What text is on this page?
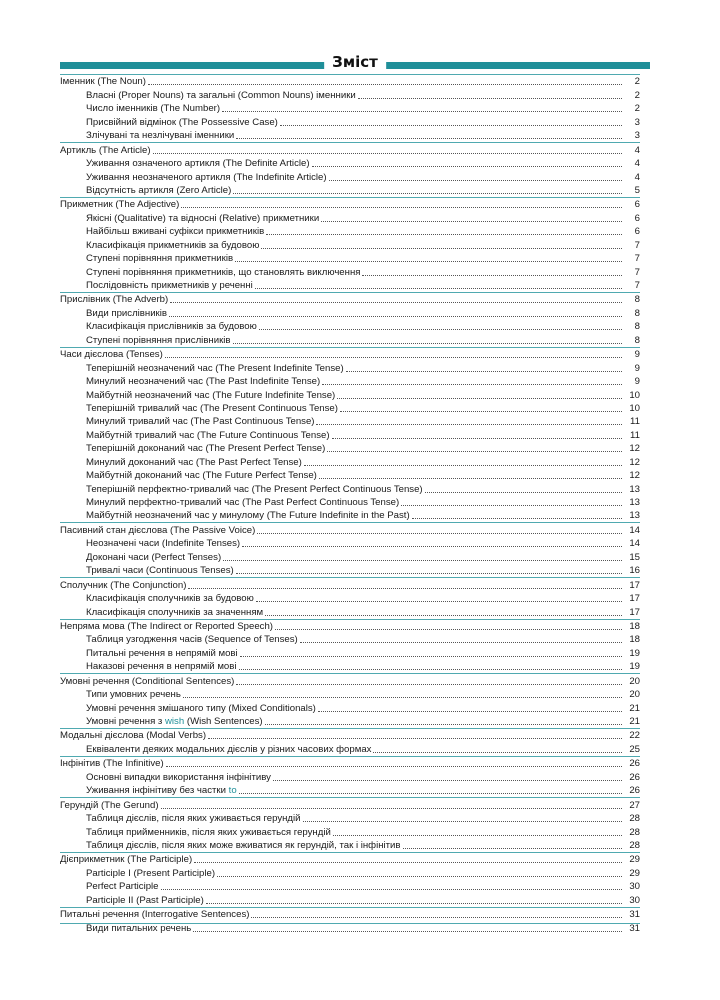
Зміст
Іменник (The Noun)	2
Власні (Proper Nouns) та загальні (Common Nouns) іменники	2
Число іменників (The Number)	2
Присвійний відмінок (The Possessive Case)	3
Злічувані та незлічувані іменники	3
Артикль (The Article)	4
Уживання означеного артикля (The Definite Article)	4
Уживання неозначеного артикля (The Indefinite Article)	4
Відсутність артикля (Zero Article)	5
Прикметник (The Adjective)	6
Якісні (Qualitative) та відносні (Relative) прикметники	6
Найбільш вживані суфікси прикметників	6
Класифікація прикметників за будовою	7
Ступені порівняння прикметників	7
Ступені порівняння прикметників, що становлять виключення	7
Послідовність прикметників у реченні	7
Прислівник (The Adverb)	8
Види прислівників	8
Класифікація прислівників за будовою	8
Ступені порівняння прислівників	8
Часи дієслова (Tenses)	9
Теперішній неозначений час (The Present Indefinite Tense)	9
Минулий неозначений час (The Past Indefinite Tense)	9
Майбутній неозначений час (The Future Indefinite Tense)	10
Теперішній тривалий час (The Present Continuous Tense)	10
Минулий тривалий час (The Past Continuous Tense)	11
Майбутній тривалий час (The Future Continuous Tense)	11
Теперішній доконаний час (The Present Perfect Tense)	12
Минулий доконаний час (The Past Perfect Tense)	12
Майбутній доконаний час (The Future Perfect Tense)	12
Теперішній перфектно-тривалий час (The Present Perfect Continuous Tense)	13
Минулий перфектно-тривалий час (The Past Perfect Continuous Tense)	13
Майбутній неозначений час у минулому (The Future Indefinite in the Past)	13
Пасивний стан дієслова (The Passive Voice)	14
Неозначені часи (Indefinite Tenses)	14
Доконані часи (Perfect Tenses)	15
Тривалі часи (Continuous Tenses)	16
Сполучник (The Conjunction)	17
Класифікація сполучників за будовою	17
Класифікація сполучників за значенням	17
Непряма мова (The Indirect or Reported Speech)	18
Таблиця узгодження часів (Sequence of Tenses)	18
Питальні речення в непрямій мові	19
Наказові речення в непрямій мові	19
Умовні речення (Conditional Sentences)	20
Типи умовних речень	20
Умовні речення змішаного типу (Mixed Conditionals)	21
Умовні речення з wish (Wish Sentences)	21
Модальні дієслова (Modal Verbs)	22
Еквіваленти деяких модальних дієслів у різних часових формах	25
Інфінітив (The Infinitive)	26
Основні випадки використання інфінітиву	26
Уживання інфінітиву без частки to	26
Герундій (The Gerund)	27
Таблиця дієслів, після яких уживається герундій	28
Таблиця прийменників, після яких уживається герундій	28
Таблиця дієслів, після яких може вживатися як герундій, так і інфінітив	28
Дієприкметник (The Participle)	29
Participle I (Present Participle)	29
Perfect Participle	30
Participle II (Past Participle)	30
Питальні речення (Interrogative Sentences)	31
Види питальних речень	31
